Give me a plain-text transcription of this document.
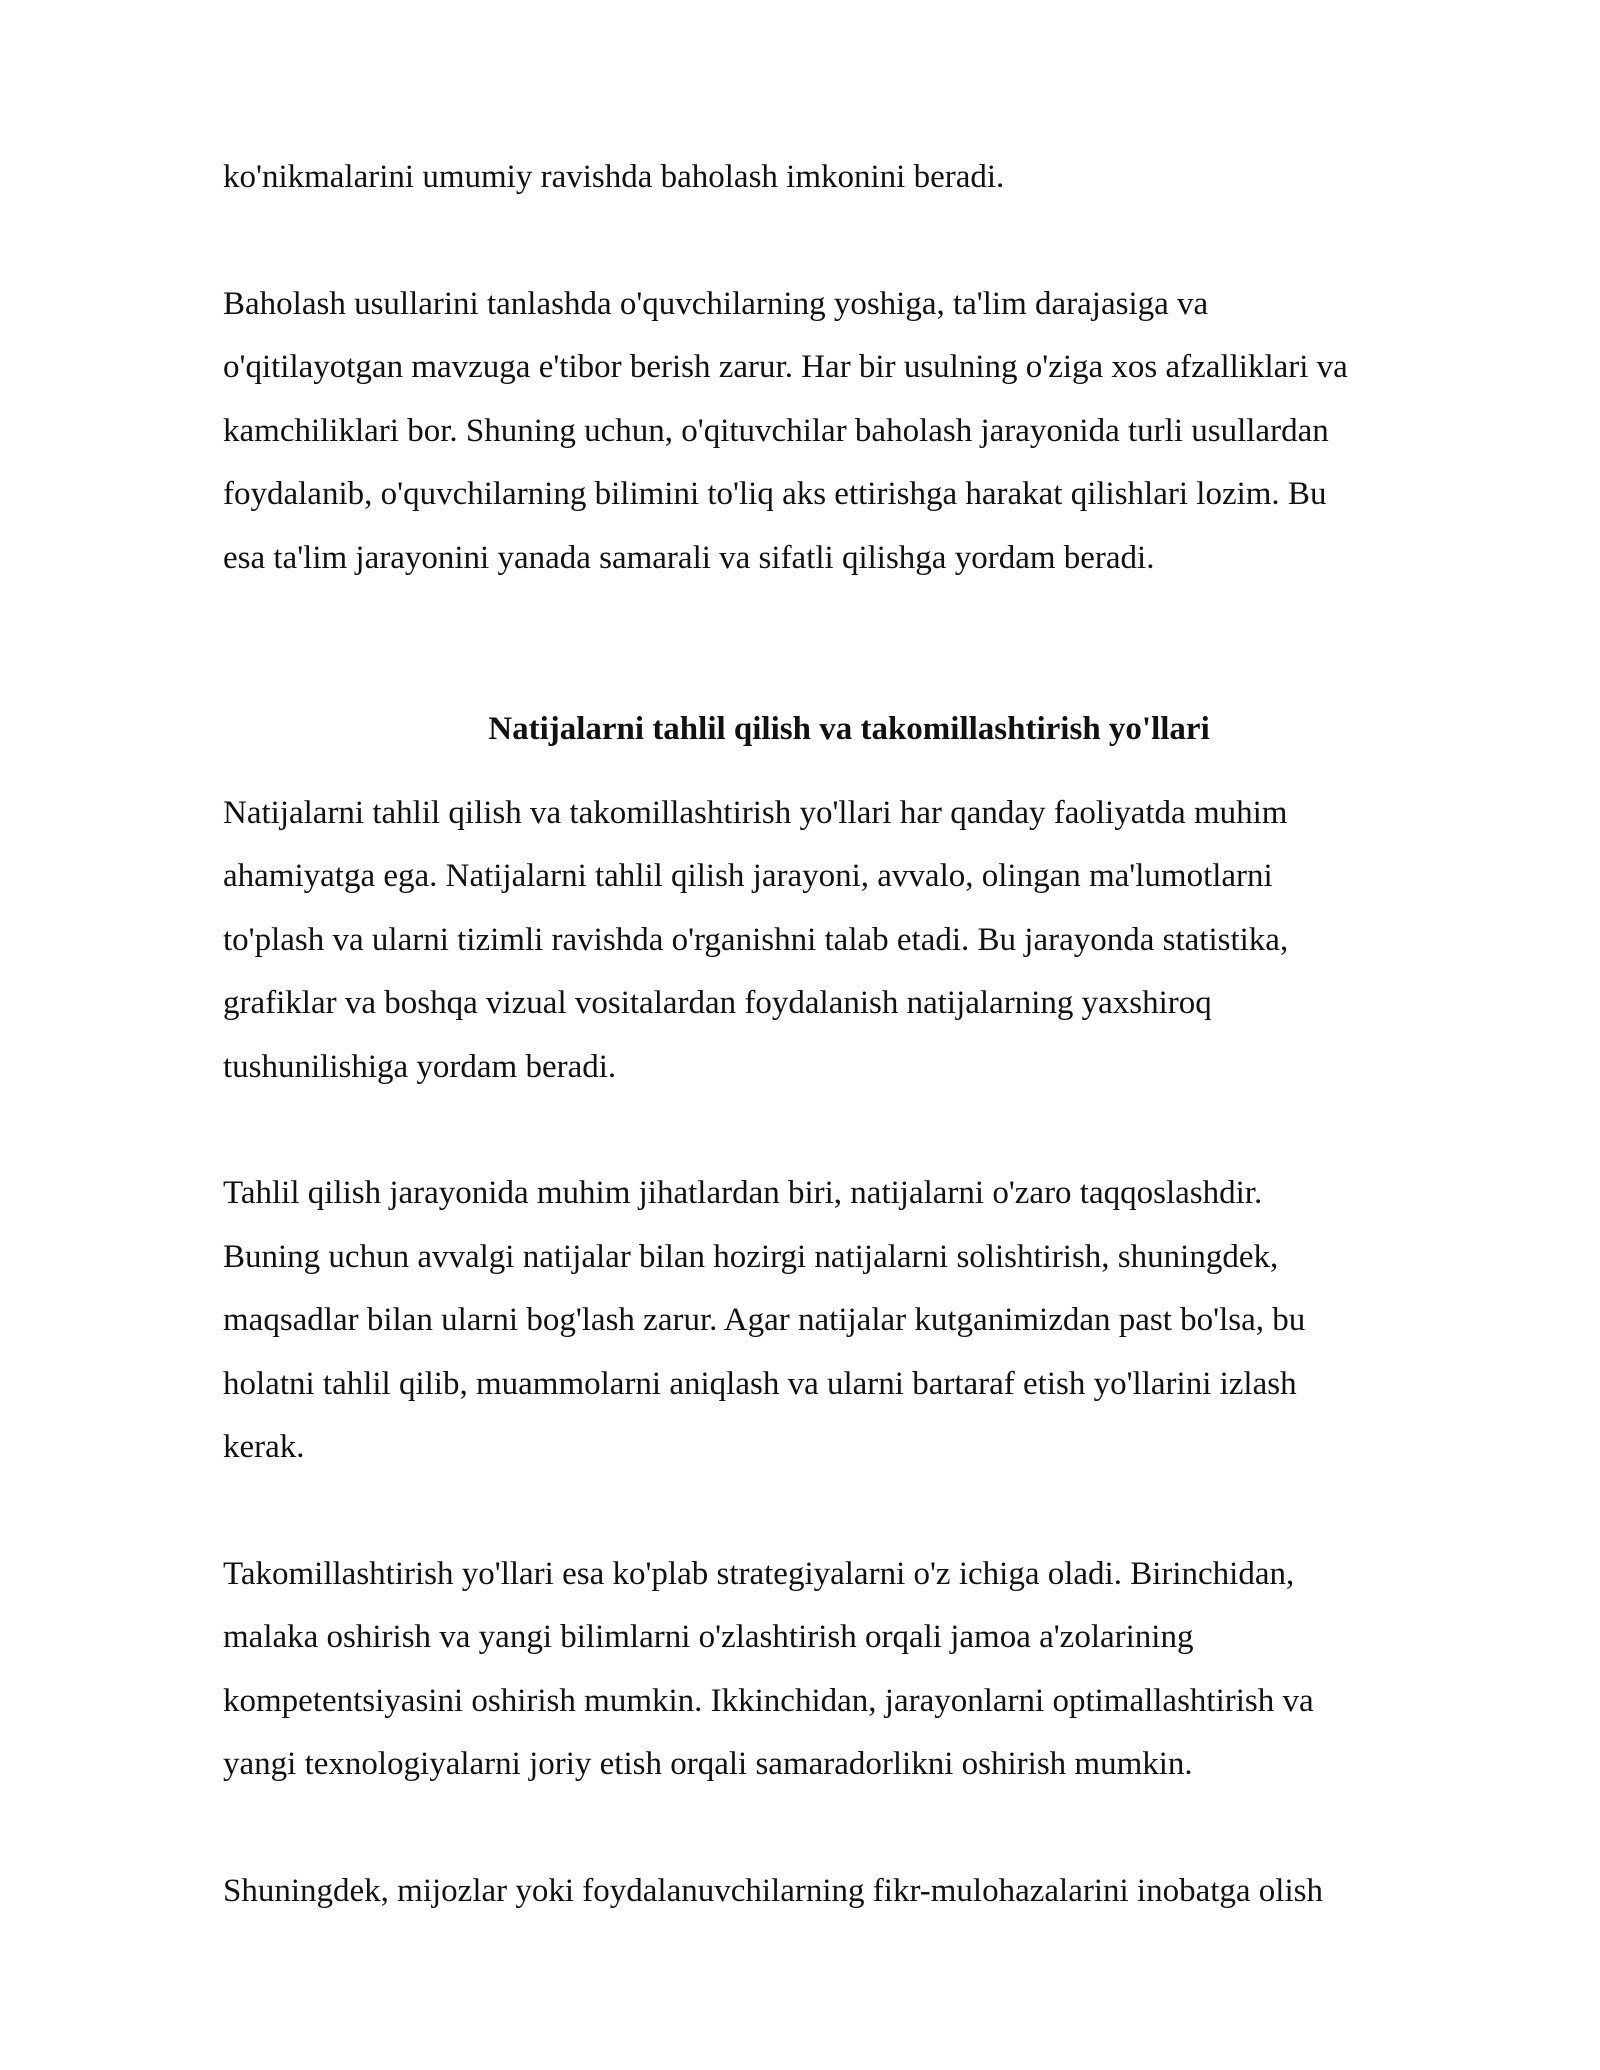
ko'nikmalarini umumiy ravishda baholash imkonini beradi.
Baholash usullarini tanlashda o'quvchilarning yoshiga, ta'lim darajasiga va
o'qitilayotgan mavzuga e'tibor berish zarur. Har bir usulning o'ziga xos afzalliklari va
kamchiliklari bor. Shuning uchun, o'qituvchilar baholash jarayonida turli usullardan
foydalanib, o'quvchilarning bilimini to'liq aks ettirishga harakat qilishlari lozim. Bu
esa ta'lim jarayonini yanada samarali va sifatli qilishga yordam beradi.
Natijalarni tahlil qilish va takomillashtirish yo'llari
Natijalarni tahlil qilish va takomillashtirish yo'llari har qanday faoliyatda muhim
ahamiyatga ega. Natijalarni tahlil qilish jarayoni, avvalo, olingan ma'lumotlarni
to'plash va ularni tizimli ravishda o'rganishni talab etadi. Bu jarayonda statistika,
grafiklar va boshqa vizual vositalardan foydalanish natijalarning yaxshiroq
tushunilishiga yordam beradi.
Tahlil qilish jarayonida muhim jihatlardan biri, natijalarni o'zaro taqqoslashdir.
Buning uchun avvalgi natijalar bilan hozirgi natijalarni solishtirish, shuningdek,
maqsadlar bilan ularni bog'lash zarur. Agar natijalar kutganimizdan past bo'lsa, bu
holatni tahlil qilib, muammolarni aniqlash va ularni bartaraf etish yo'llarini izlash
kerak.
Takomillashtirish yo'llari esa ko'plab strategiyalarni o'z ichiga oladi. Birinchidan,
malaka oshirish va yangi bilimlarni o'zlashtirish orqali jamoa a'zolarining
kompetentsiyasini oshirish mumkin. Ikkinchidan, jarayonlarni optimallashtirish va
yangi texnologiyalarni joriy etish orqali samaradorlikni oshirish mumkin.
Shuningdek, mijozlar yoki foydalanuvchilarning fikr-mulohazalarini inobatga olish
